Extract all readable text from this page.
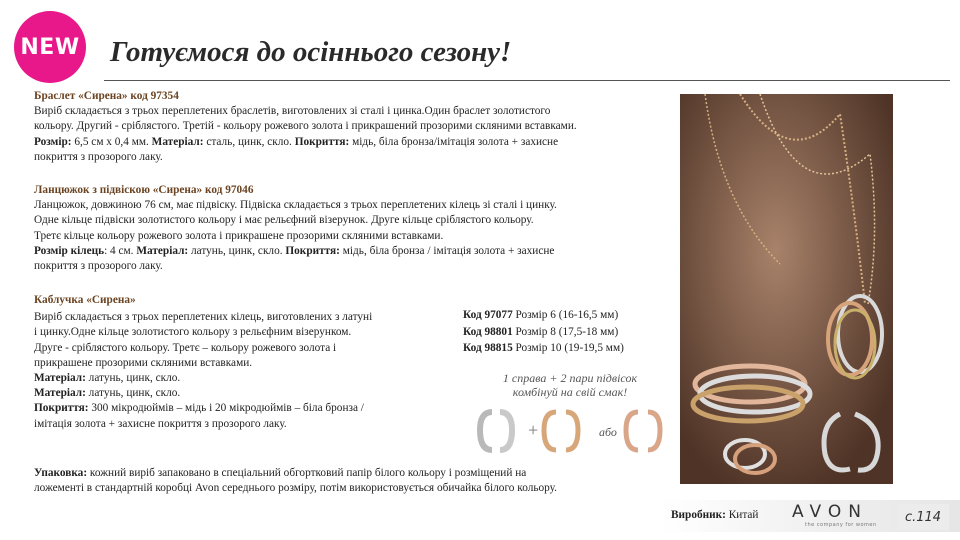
NEW Готуємося до осіннього сезону!

Браслет «Сирена» код 97354

Виріб складається з трьох переплетених браслетів, виготовлених зі сталі і цинка.Один браслет золотистого

кольору. Другий - сріблястого. Третій - кольору рожевого золота і прикрашений прозорими скляними вставками.

Розмір: 6,5 см х 0,4 мм. Матеріал: сталь, цинк, скло. Покриття: мідь, біла бронза/імітація золота + захисне

покриття з прозорого лаку.

Ланцюжок з підвіскою «Сирена» код 97046

Ланцюжок, довжиною 76 см, має підвіску. Підвіска складається з трьох переплетених кілець зі сталі і цинку.

Одне кільце підвіски золотистого кольору і має рельєфний візерунок. Друге кільце сріблястого кольору.

Третє кільце кольору рожевого золота і прикрашене прозорими скляними вставками.

Розмір кілець: 4 см. Матеріал: латунь, цинк, скло. Покриття: мідь, біла бронза / імітація золота + захисне

покриття з прозорого лаку.

Каблучка «Сирена»

Виріб складається з трьох переплетених кілець, виготовлених з латуні

і цинку.Одне кільце золотистого кольору з рельєфним візерунком.

Друге - сріблястого кольору. Третє – кольору рожевого золота і

прикрашене прозорими скляними вставками.

Матеріал: латунь, цинк, скло.

Матеріал: латунь, цинк, скло.

Покриття: 300 мікродюймів – мідь і 20 мікродюймів – біла бронза /

імітація золота + захисне покриття з прозорого лаку.

Код 97077 Розмір 6 (16-16,5 мм)
Код 98801 Розмір 8 (17,5-18 мм)
Код 98815 Розмір 10 (19-19,5 мм)
1 справа + 2 пари підвісок
комбінуй на свій смак!
+	або

Упаковка: кожний виріб запаковано в спеціальний обгортковий папір білого кольору і розміщений на

ложементі в стандартній коробці Avon середнього розміру, потім використовується обичайка білого кольору.

Виробник: Китай AVON
the company for women
с.114
